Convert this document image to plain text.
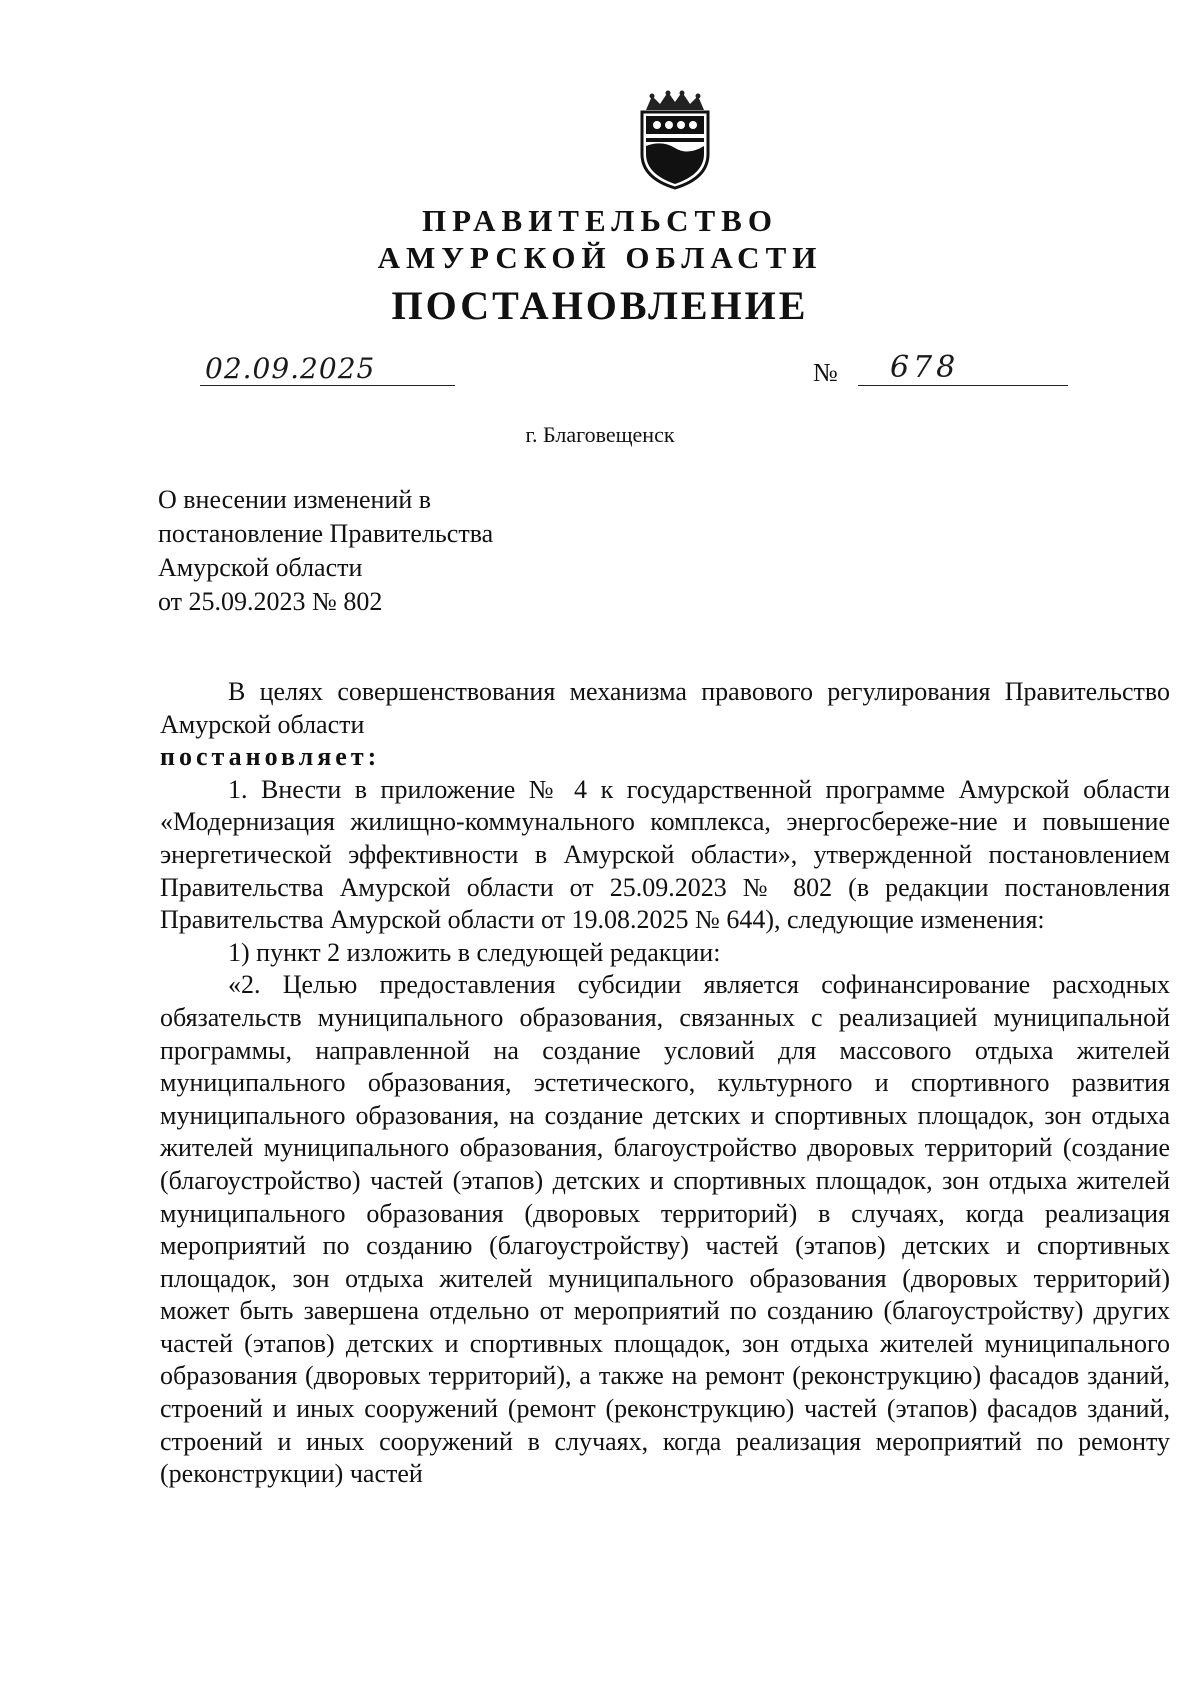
ПРАВИТЕЛЬСТВО
АМУРСКОЙ ОБЛАСТИ
ПОСТАНОВЛЕНИЕ
02.09.2025	№ 678
г. Благовещенск
О внесении изменений в
постановление Правительства
Амурской области
от 25.09.2023 № 802

В целях совершенствования механизма правового регулирования Правительство Амурской области

постановляет:

1. Внести в приложение № 4 к государственной программе Амурской области «Модернизация жилищно-коммунального комплекса, энергосбереже-ние и повышение энергетической эффективности в Амурской области», утвержденной постановлением Правительства Амурской области от 25.09.2023 № 802 (в редакции постановления Правительства Амурской области от 19.08.2025 № 644), следующие изменения:

1) пункт 2 изложить в следующей редакции:

«2. Целью предоставления субсидии является софинансирование расходных обязательств муниципального образования, связанных с реализацией муниципальной программы, направленной на создание условий для массового отдыха жителей муниципального образования, эстетического, культурного и спортивного развития муниципального образования, на создание детских и спортивных площадок, зон отдыха жителей муниципального образования, благоустройство дворовых территорий (создание (благоустройство) частей (этапов) детских и спортивных площадок, зон отдыха жителей муниципального образования (дворовых территорий) в случаях, когда реализация мероприятий по созданию (благоустройству) частей (этапов) детских и спортивных площадок, зон отдыха жителей муниципального образования (дворовых территорий) может быть завершена отдельно от мероприятий по созданию (благоустройству) других частей (этапов) детских и спортивных площадок, зон отдыха жителей муниципального образования (дворовых территорий), а также на ремонт (реконструкцию) фасадов зданий, строений и иных сооружений (ремонт (реконструкцию) частей (этапов) фасадов зданий, строений и иных сооружений в случаях, когда реализация мероприятий по ремонту (реконструкции) частей
